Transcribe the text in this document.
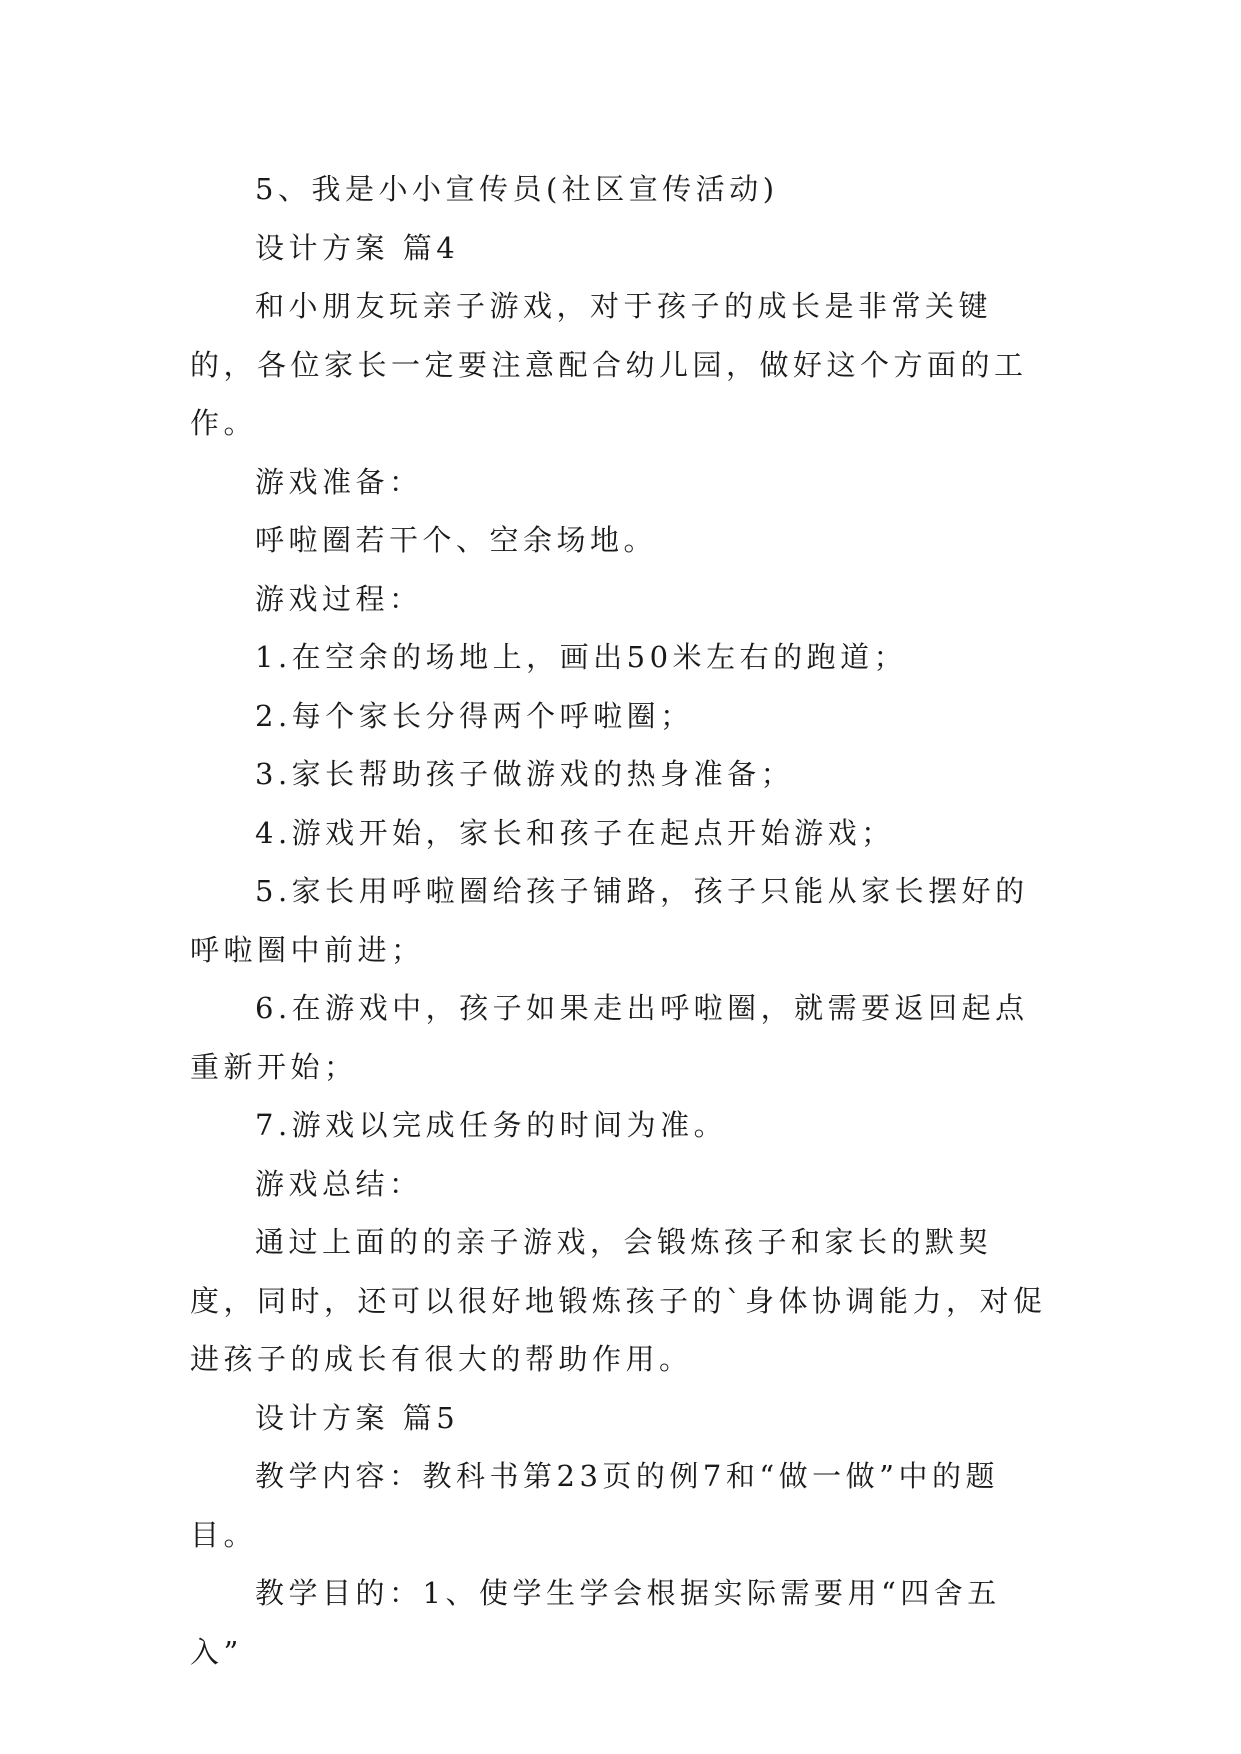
5、我是小小宣传员(社区宣传活动)

设计方案 篇4

和小朋友玩亲子游戏，对于孩子的成长是非常关键的，各位家长一定要注意配合幼儿园，做好这个方面的工作。

游戏准备：

呼啦圈若干个、空余场地。

游戏过程：

1.在空余的场地上，画出50米左右的跑道；

2.每个家长分得两个呼啦圈；

3.家长帮助孩子做游戏的热身准备；

4.游戏开始，家长和孩子在起点开始游戏；

5.家长用呼啦圈给孩子铺路，孩子只能从家长摆好的呼啦圈中前进；

6.在游戏中，孩子如果走出呼啦圈，就需要返回起点重新开始；

7.游戏以完成任务的时间为准。

游戏总结：

通过上面的的亲子游戏，会锻炼孩子和家长的默契度，同时，还可以很好地锻炼孩子的`身体协调能力，对促进孩子的成长有很大的帮助作用。

设计方案 篇5

教学内容：教科书第23页的例7和“做一做”中的题目。

教学目的：1、使学生学会根据实际需要用“四舍五入”
